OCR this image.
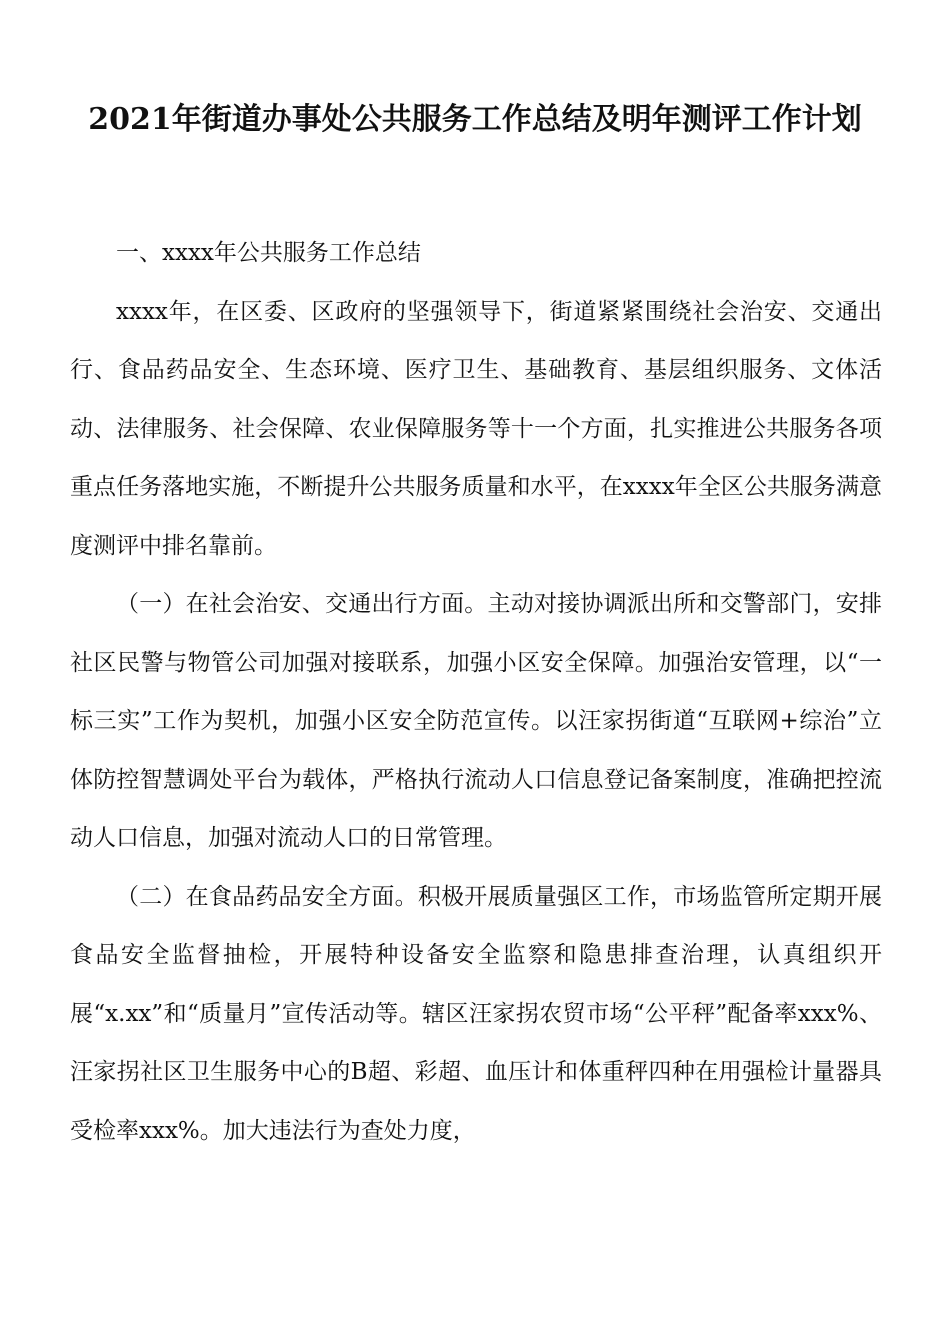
2021年街道办事处公共服务工作总结及明年测评工作计划

一、xxxx年公共服务工作总结

xxxx年，在区委、区政府的坚强领导下，街道紧紧围绕社会治安、交通出行、食品药品安全、生态环境、医疗卫生、基础教育、基层组织服务、文体活动、法律服务、社会保障、农业保障服务等十一个方面，扎实推进公共服务各项重点任务落地实施，不断提升公共服务质量和水平，在xxxx年全区公共服务满意度测评中排名靠前。

（一）在社会治安、交通出行方面。主动对接协调派出所和交警部门，安排社区民警与物管公司加强对接联系，加强小区安全保障。加强治安管理，以“一标三实”工作为契机，加强小区安全防范宣传。以汪家拐街道“互联网+综治”立体防控智慧调处平台为载体，严格执行流动人口信息登记备案制度，准确把控流动人口信息，加强对流动人口的日常管理。

（二）在食品药品安全方面。积极开展质量强区工作，市场监管所定期开展食品安全监督抽检，开展特种设备安全监察和隐患排查治理，认真组织开展“x.xx”和“质量月”宣传活动等。辖区汪家拐农贸市场“公平秤”配备率xxx%、汪家拐社区卫生服务中心的B超、彩超、血压计和体重秤四种在用强检计量器具受检率xxx%。加大违法行为查处力度，
